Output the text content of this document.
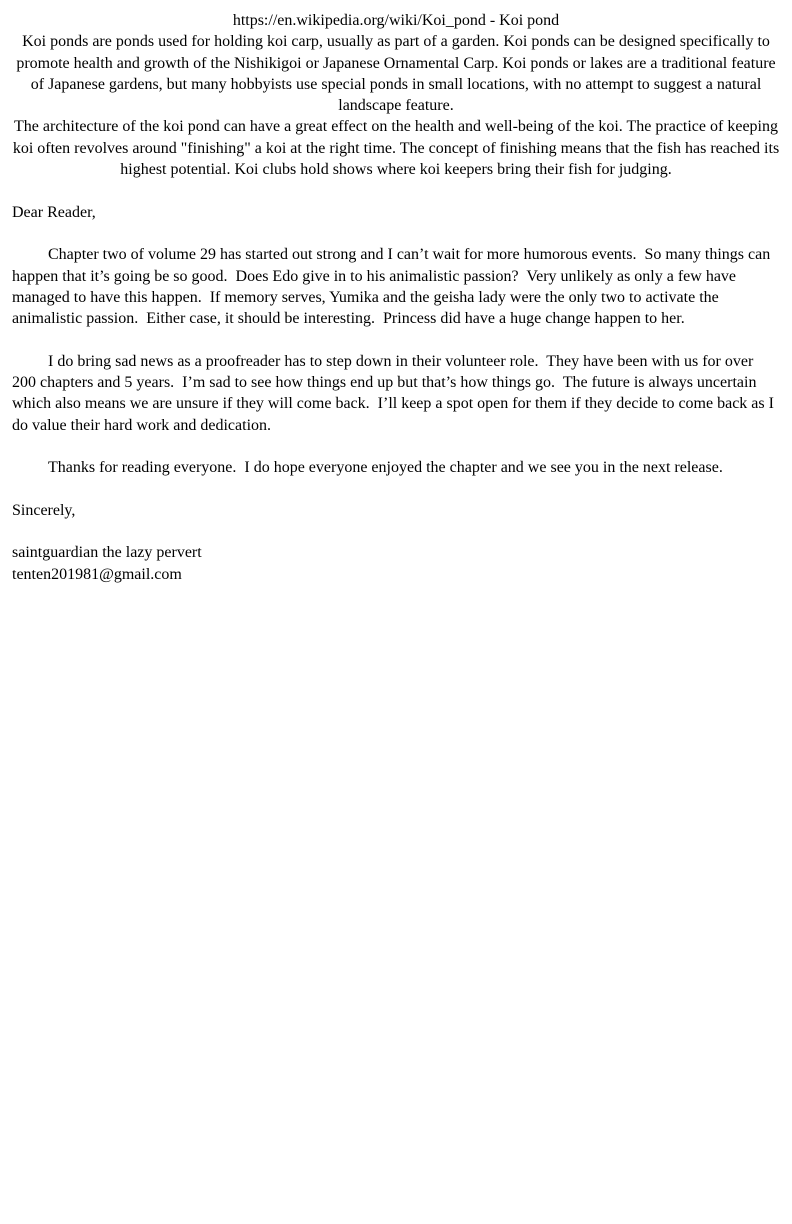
https://en.wikipedia.org/wiki/Koi_pond - Koi pond

Koi ponds are ponds used for holding koi carp, usually as part of a garden. Koi ponds can be designed specifically to promote health and growth of the Nishikigoi or Japanese Ornamental Carp. Koi ponds or lakes are a traditional feature of Japanese gardens, but many hobbyists use special ponds in small locations, with no attempt to suggest a natural landscape feature.

The architecture of the koi pond can have a great effect on the health and well-being of the koi. The practice of keeping koi often revolves around "finishing" a koi at the right time. The concept of finishing means that the fish has reached its highest potential. Koi clubs hold shows where koi keepers bring their fish for judging.

Dear Reader,

Chapter two of volume 29 has started out strong and I can’t wait for more humorous events.  So many things can happen that it’s going be so good.  Does Edo give in to his animalistic passion?  Very unlikely as only a few have managed to have this happen.  If memory serves, Yumika and the geisha lady were the only two to activate the animalistic passion.  Either case, it should be interesting.  Princess did have a huge change happen to her.

I do bring sad news as a proofreader has to step down in their volunteer role.  They have been with us for over 200 chapters and 5 years.  I’m sad to see how things end up but that’s how things go.  The future is always uncertain which also means we are unsure if they will come back.  I’ll keep a spot open for them if they decide to come back as I do value their hard work and dedication.

Thanks for reading everyone.  I do hope everyone enjoyed the chapter and we see you in the next release.

Sincerely,

saintguardian the lazy pervert

tenten201981@gmail.com
